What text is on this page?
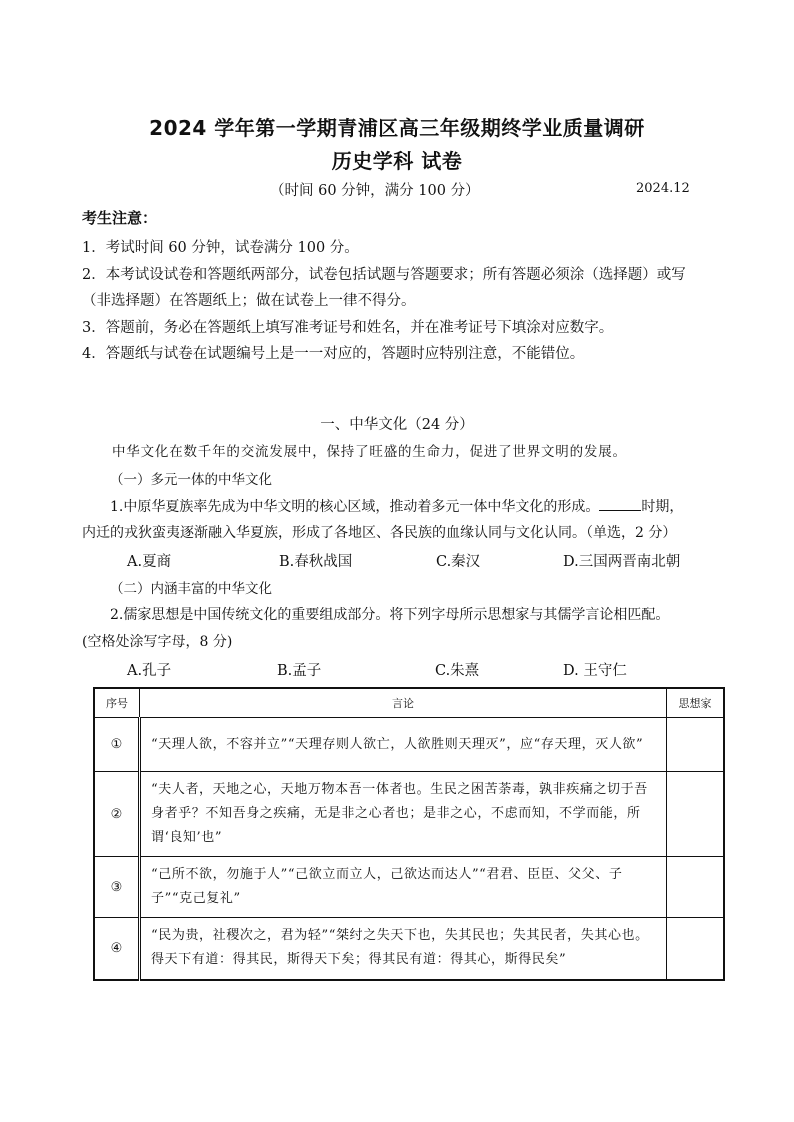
2024 学年第一学期青浦区高三年级期终学业质量调研
历史学科 试卷
（时间 60 分钟，满分 100 分）	2024.12
考生注意：
1．考试时间 60 分钟，试卷满分 100 分。
2．本考试设试卷和答题纸两部分，试卷包括试题与答题要求；所有答题必须涂（选择题）或写
（非选择题）在答题纸上；做在试卷上一律不得分。
3．答题前，务必在答题纸上填写准考证号和姓名，并在准考证号下填涂对应数字。
4．答题纸与试卷在试题编号上是一一对应的，答题时应特别注意，不能错位。
一、中华文化（24 分）
中华文化在数千年的交流发展中，保持了旺盛的生命力，促进了世界文明的发展。
（一）多元一体的中华文化
1.中原华夏族率先成为中华文明的核心区域，推动着多元一体中华文化的形成。	时期，
内迁的戎狄蛮夷逐渐融入华夏族，形成了各地区、各民族的血缘认同与文化认同。（单选，2 分）
A.夏商	B.春秋战国	C.秦汉	D.三国两晋南北朝
（二）内涵丰富的中华文化
2.儒家思想是中国传统文化的重要组成部分。将下列字母所示思想家与其儒学言论相匹配。
(空格处涂写字母，8 分)
A.孔子	B.孟子	C.朱熹	D. 王守仁
序号	言论	思想家
①	“天理人欲，不容并立”“天理存则人欲亡，人欲胜则天理灭”，应“存天理，灭人欲”	
②	“夫人者，天地之心，天地万物本吾一体者也。生民之困苦荼毒，孰非疾痛之切于吾身者乎？不知吾身之疾痛，无是非之心者也；是非之心，不虑而知，不学而能，所谓‘良知’也”	
③	“己所不欲，勿施于人”“己欲立而立人，己欲达而达人”“君君、臣臣、父父、子子”“克己复礼”	
④	“民为贵，社稷次之，君为轻”“桀纣之失天下也，失其民也；失其民者，失其心也。得天下有道：得其民，斯得天下矣；得其民有道：得其心，斯得民矣”	
